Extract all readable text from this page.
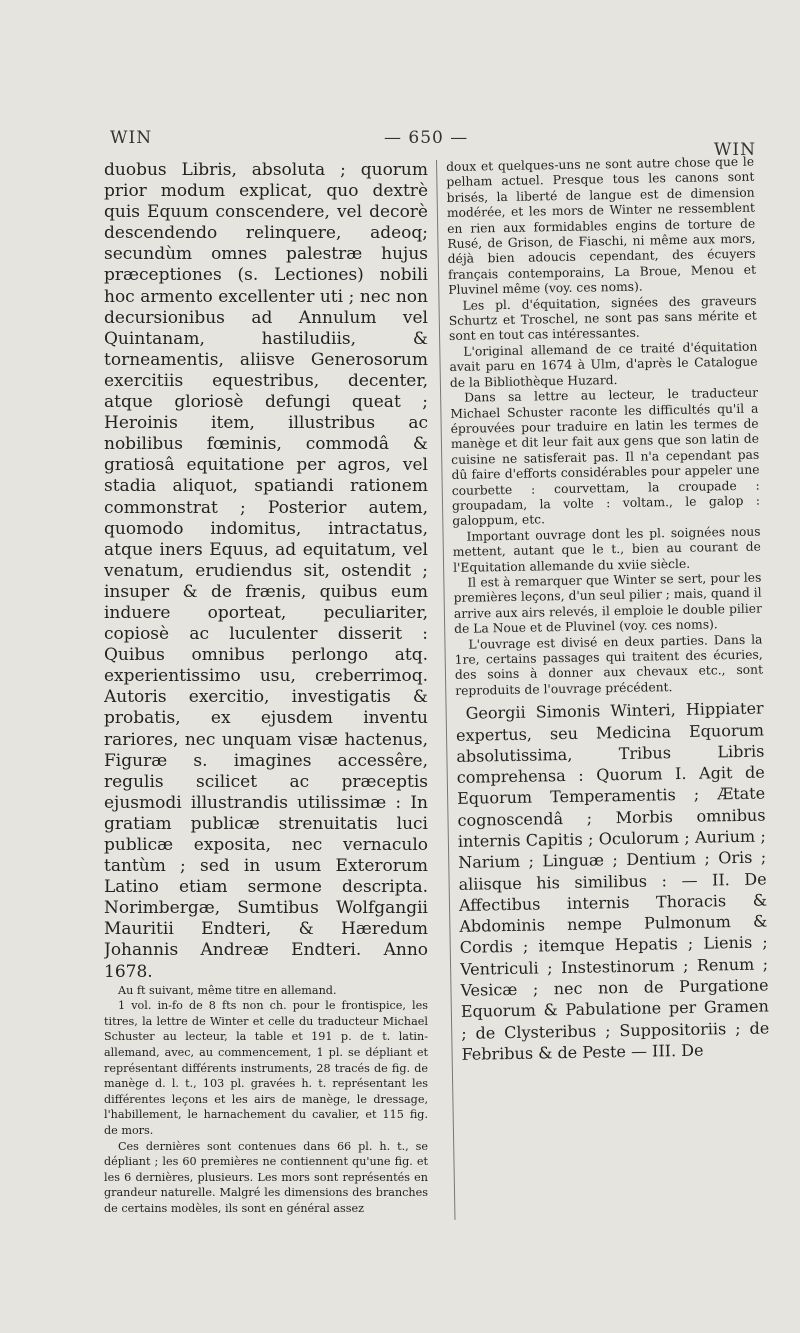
WIN	— 650 —
WIN

duobus Libris, absoluta ; quorum prior modum explicat, quo dextrè quis Equum conscendere, vel decorè descendendo relinquere, adeoq; secundùm omnes palestræ hujus præceptiones (s. Lectiones) nobili hoc armento excellenter uti ; nec non decursionibus ad Annulum vel Quintanam, hastiludiis, & torneamentis, aliisve Generosorum exercitiis equestribus, decenter, atque gloriosè defungi queat ; Heroinis item, illustribus ac nobilibus fœminis, commodâ & gratiosâ equitatione per agros, vel stadia aliquot, spatiandi rationem commonstrat ; Posterior autem, quomodo indomitus, intractatus, atque iners Equus, ad equitatum, vel venatum, erudiendus sit, ostendit ; insuper & de frænis, quibus eum induere oporteat, peculiariter, copiosè ac luculenter disserit : Quibus omnibus perlongo atq. experientissimo usu, creberrimoq. Autoris exercitio, investigatis & probatis, ex ejusdem inventu rariores, nec unquam visæ hactenus, Figuræ s. imagines accessêre, regulis scilicet ac præceptis ejusmodi illustrandis utilissimæ : In gratiam publicæ strenuitatis luci publicæ exposita, nec vernaculo tantùm ; sed in usum Exterorum Latino etiam sermone descripta. Norimbergæ, Sumtibus Wolfgangii Mauritii Endteri, & Hæredum Johannis Andreæ Endteri. Anno 1678.

Au ft suivant, même titre en allemand.

1 vol. in-fo de 8 fts non ch. pour le frontispice, les titres, la lettre de Winter et celle du traducteur Michael Schuster au lecteur, la table et 191 p. de t. latin-allemand, avec, au commencement, 1 pl. se dépliant et représentant différents instruments, 28 tracés de fig. de manège d. l. t., 103 pl. gravées h. t. représentant les différentes leçons et les airs de manège, le dressage, l'habillement, le harnachement du cavalier, et 115 fig. de mors.

Ces dernières sont contenues dans 66 pl. h. t., se dépliant ; les 60 premières ne contiennent qu'une fig. et les 6 dernières, plusieurs. Les mors sont représentés en grandeur naturelle. Malgré les dimensions des branches de certains modèles, ils sont en général assez

doux et quelques-uns ne sont autre chose que le pelham actuel. Presque tous les canons sont brisés, la liberté de langue est de dimension modérée, et les mors de Winter ne ressemblent en rien aux formidables engins de torture de Rusé, de Grison, de Fiaschi, ni même aux mors, déjà bien adoucis cependant, des écuyers français contemporains, La Broue, Menou et Pluvinel même (voy. ces noms).

Les pl. d'équitation, signées des graveurs Schurtz et Troschel, ne sont pas sans mérite et sont en tout cas intéressantes.

L'original allemand de ce traité d'équitation avait paru en 1674 à Ulm, d'après le Catalogue de la Bibliothèque Huzard.

Dans sa lettre au lecteur, le traducteur Michael Schuster raconte les difficultés qu'il a éprouvées pour traduire en latin les termes de manège et dit leur fait aux gens que son latin de cuisine ne satisferait pas. Il n'a cependant pas dû faire d'efforts considérables pour appeler une courbette : courvettam, la croupade : groupadam, la volte : voltam., le galop : galoppum, etc.

Important ouvrage dont les pl. soignées nous mettent, autant que le t., bien au courant de l'Equitation allemande du xviie siècle.

Il est à remarquer que Winter se sert, pour les premières leçons, d'un seul pilier ; mais, quand il arrive aux airs relevés, il emploie le double pilier de La Noue et de Pluvinel (voy. ces noms).

L'ouvrage est divisé en deux parties. Dans la 1re, certains passages qui traitent des écuries, des soins à donner aux chevaux etc., sont reproduits de l'ouvrage précédent.

Georgii Simonis Winteri, Hippiater expertus, seu Medicina Equorum absolutissima, Tribus Libris comprehensa : Quorum I. Agit de Equorum Temperamentis ; Ætate cognoscendâ ; Morbis omnibus internis Capitis ; Oculorum ; Aurium ; Narium ; Linguæ ; Dentium ; Oris ; aliisque his similibus : — II. De Affectibus internis Thoracis & Abdominis nempe Pulmonum & Cordis ; itemque Hepatis ; Lienis ; Ventriculi ; Instestinorum ; Renum ; Vesicæ ; nec non de Purgatione Equorum & Pabulatione per Gramen ; de Clysteribus ; Suppositoriis ; de Febribus & de Peste — III. De
